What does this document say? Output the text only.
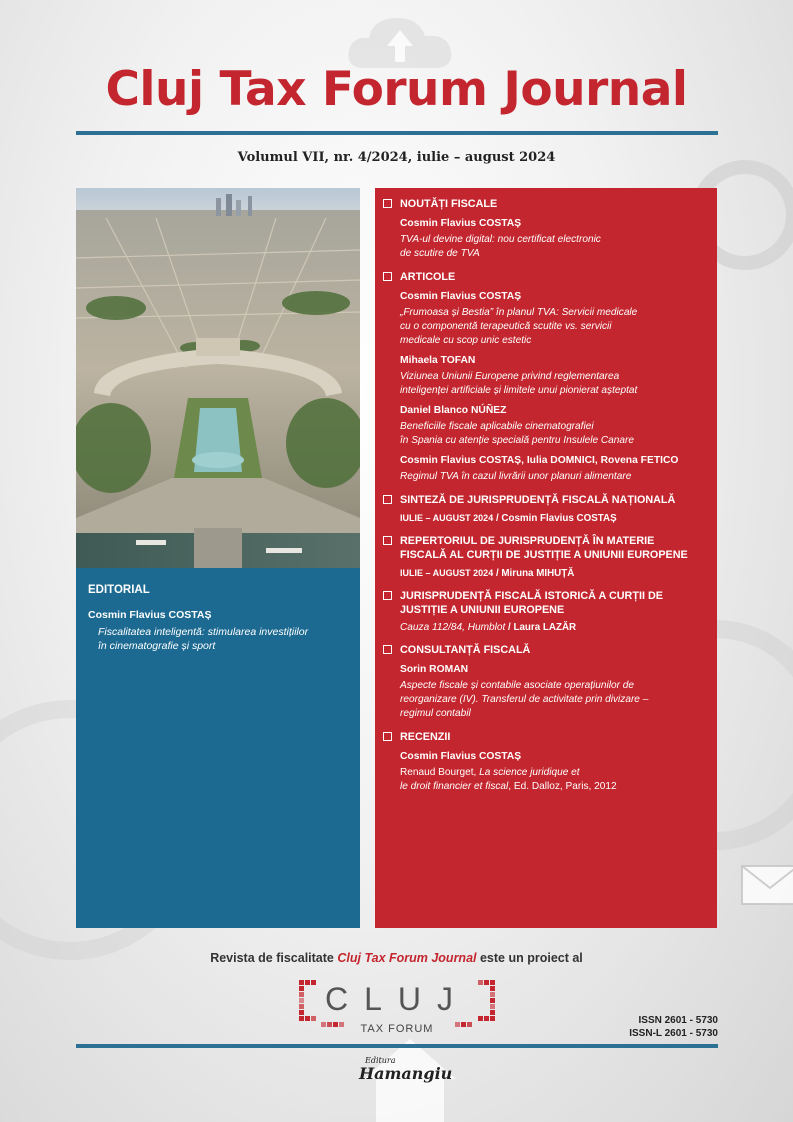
Cluj Tax Forum Journal
Volumul VII, nr. 4/2024, iulie – august 2024
EDITORIAL
Cosmin Flavius COSTAȘ
Fiscalitatea inteligentă: stimularea investițiilor
în cinematografie și sport
NOUTĂȚI FISCALE
Cosmin Flavius COSTAȘ
TVA-ul devine digital: nou certificat electronic
de scutire de TVA
ARTICOLE
Cosmin Flavius COSTAȘ
„Frumoasa și Bestia” în planul TVA: Servicii medicale
cu o componentă terapeutică scutite vs. servicii
medicale cu scop unic estetic
Mihaela TOFAN
Viziunea Uniunii Europene privind reglementarea
inteligenței artificiale și limitele unui pionierat așteptat
Daniel Blanco NÚÑEZ
Beneficiile fiscale aplicabile cinematografiei
în Spania cu atenție specială pentru Insulele Canare
Cosmin Flavius COSTAȘ, Iulia DOMNICI, Rovena FETICO
Regimul TVA în cazul livrării unor planuri alimentare
SINTEZĂ DE JURISPRUDENȚĂ FISCALĂ NAȚIONALĂ
IULIE – AUGUST 2024 / Cosmin Flavius COSTAȘ
REPERTORIUL DE JURISPRUDENȚĂ ÎN MATERIE
FISCALĂ AL CURȚII DE JUSTIȚIE A UNIUNII EUROPENE
IULIE – AUGUST 2024 / Miruna MIHUȚĂ
JURISPRUDENȚĂ FISCALĂ ISTORICĂ A CURȚII DE
JUSTIȚIE A UNIUNII EUROPENE
Cauza 112/84, Humblot / Laura LAZĂR
CONSULTANȚĂ FISCALĂ
Sorin ROMAN
Aspecte fiscale și contabile asociate operațiunilor de
reorganizare (IV). Transferul de activitate prin divizare –
regimul contabil
RECENZII
Cosmin Flavius COSTAȘ
Renaud Bourget, La science juridique et
le droit financier et fiscal, Ed. Dalloz, Paris, 2012
Revista de fiscalitate Cluj Tax Forum Journal este un proiect al
CLUJ
TAX FORUM
ISSN 2601 - 5730
ISSN-L 2601 - 5730
Editura
Hamangiu
